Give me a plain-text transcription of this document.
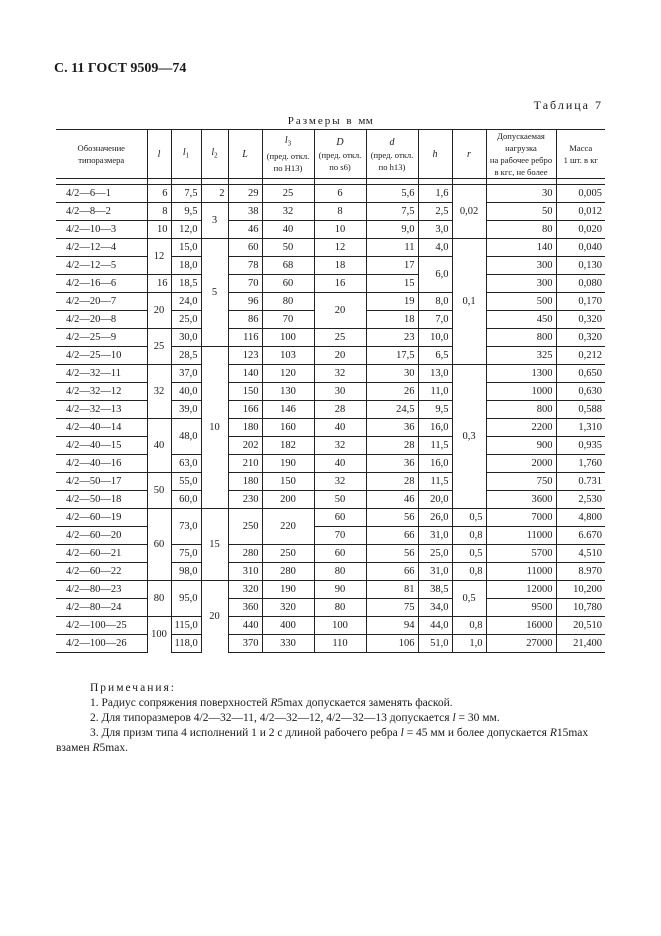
С. 11 ГОСТ 9509—74
Таблица 7
Размеры в мм
Обозначение
типоразмера	l	$l_1$	$l_2$	L	$l_3$
(пред. откл.
по Н13)	D
(пред. откл.
по s6)	d
(пред. откл.
по h13)	h	r	Допускаемая
нагрузка
на рабочее ребро
в кгс, не более	Масса
1 шт. в кг

4/2—6—1	6	7,5	2	29	25	6	5,6	1,6	0,02	30	0,005
4/2—8—2	8	9,5	3	38	32	8	7,5	2,5		50	0,012
4/2—10—3	10	12,0		46	40	10	9,0	3,0		80	0,020
4/2—12—4	12	15,0	5	60	50	12	11	4,0	0,1	140	0,040
4/2—12—5		18,0		78	68	18	17	6,0		300	0,130
4/2—16—6	16	18,5		70	60	16	15			300	0,080
4/2—20—7	20	24,0		96	80	20	19	8,0		500	0,170
4/2—20—8		25,0		86	70		18	7,0		450	0,320
4/2—25—9	25	30,0		116	100	25	23	10,0		800	0,320
4/2—25—10		28,5	10	123	103	20	17,5	6,5		325	0,212
4/2—32—11	32	37,0		140	120	32	30	13,0	0,3	1300	0,650
4/2—32—12		40,0		150	130	30	26	11,0		1000	0,630
4/2—32—13		39,0		166	146	28	24,5	9,5		800	0,588
4/2—40—14	40	48,0		180	160	40	36	16,0		2200	1,310
4/2—40—15				202	182	32	28	11,5		900	0,935
4/2—40—16		63,0		210	190	40	36	16,0		2000	1,760
4/2—50—17	50	55,0		180	150	32	28	11,5		750	0.731
4/2—50—18		60,0		230	200	50	46	20,0		3600	2,530
4/2—60—19	60	73,0	15	250	220	60	56	26,0	0,5	7000	4,800
4/2—60—20						70	66	31,0	0,8	11000	6.670
4/2—60—21		75,0		280	250	60	56	25,0	0,5	5700	4,510
4/2—60—22		98,0		310	280	80	66	31,0	0,8	11000	8.970
4/2—80—23	80	95,0	20	320	190	90	81	38,5	0,5	12000	10,200
4/2—80—24				360	320	80	75	34,0		9500	10,780
4/2—100—25	100	115,0		440	400	100	94	44,0	0,8	16000	20,510
4/2—100—26		118,0		370	330	110	106	51,0	1,0	27000	21,400
Примечания:
1. Радиус сопряжения поверхностей R5max допускается заменять фаской.
2. Для типоразмеров 4/2—32—11, 4/2—32—12, 4/2—32—13 допускается l = 30 мм.
3. Для призм типа 4 исполнений 1 и 2 с длиной рабочего ребра l = 45 мм и более допускается R15max
взамен R5max.
